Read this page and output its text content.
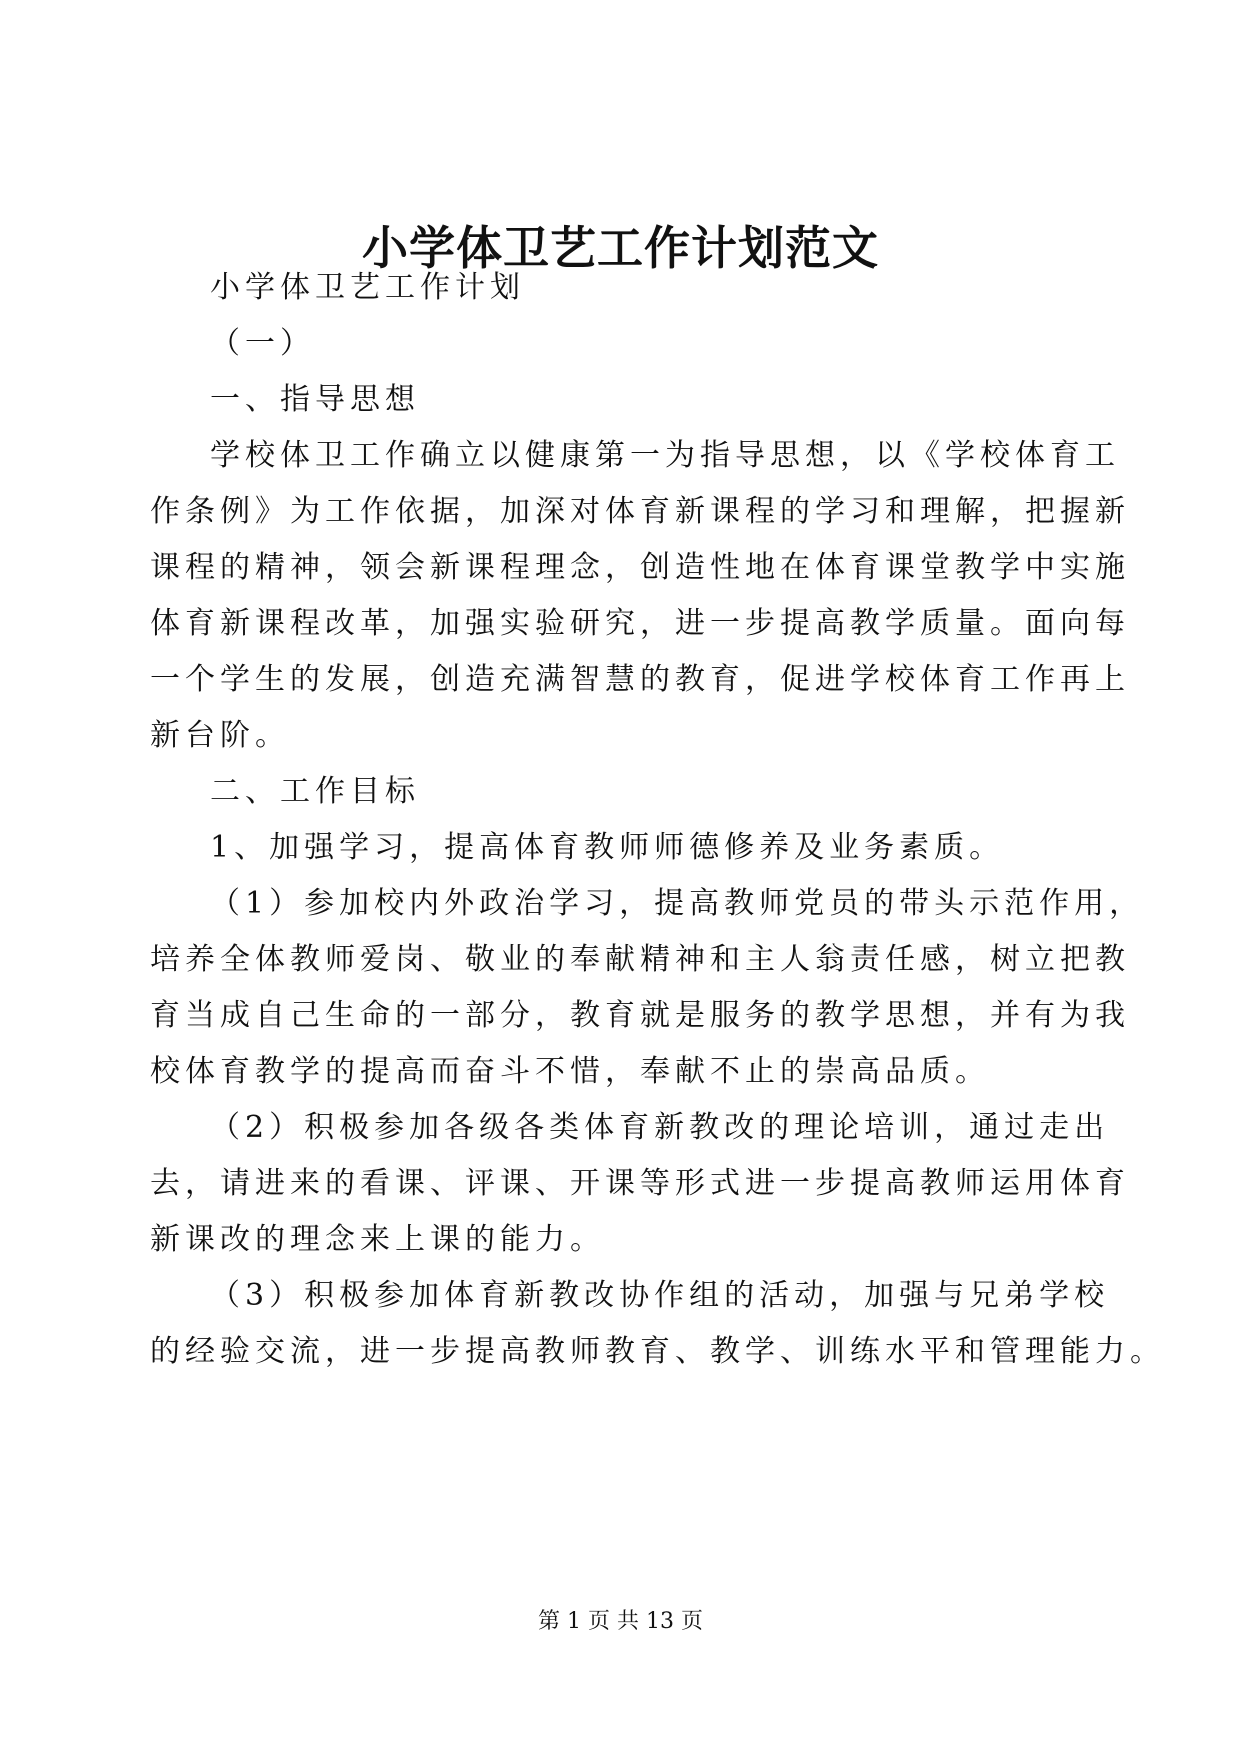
小学体卫艺工作计划范文
小学体卫艺工作计划
（一）
一、指导思想
学校体卫工作确立以健康第一为指导思想，以《学校体育工
作条例》为工作依据，加深对体育新课程的学习和理解，把握新
课程的精神，领会新课程理念，创造性地在体育课堂教学中实施
体育新课程改革，加强实验研究，进一步提高教学质量。面向每
一个学生的发展，创造充满智慧的教育，促进学校体育工作再上
新台阶。
二、工作目标
1、加强学习，提高体育教师师德修养及业务素质。
（1）参加校内外政治学习，提高教师党员的带头示范作用，
培养全体教师爱岗、敬业的奉献精神和主人翁责任感，树立把教
育当成自己生命的一部分，教育就是服务的教学思想，并有为我
校体育教学的提高而奋斗不惜，奉献不止的崇高品质。
（2）积极参加各级各类体育新教改的理论培训，通过走出
去，请进来的看课、评课、开课等形式进一步提高教师运用体育
新课改的理念来上课的能力。
（3）积极参加体育新教改协作组的活动，加强与兄弟学校
的经验交流，进一步提高教师教育、教学、训练水平和管理能力。
第 1 页 共 13 页
